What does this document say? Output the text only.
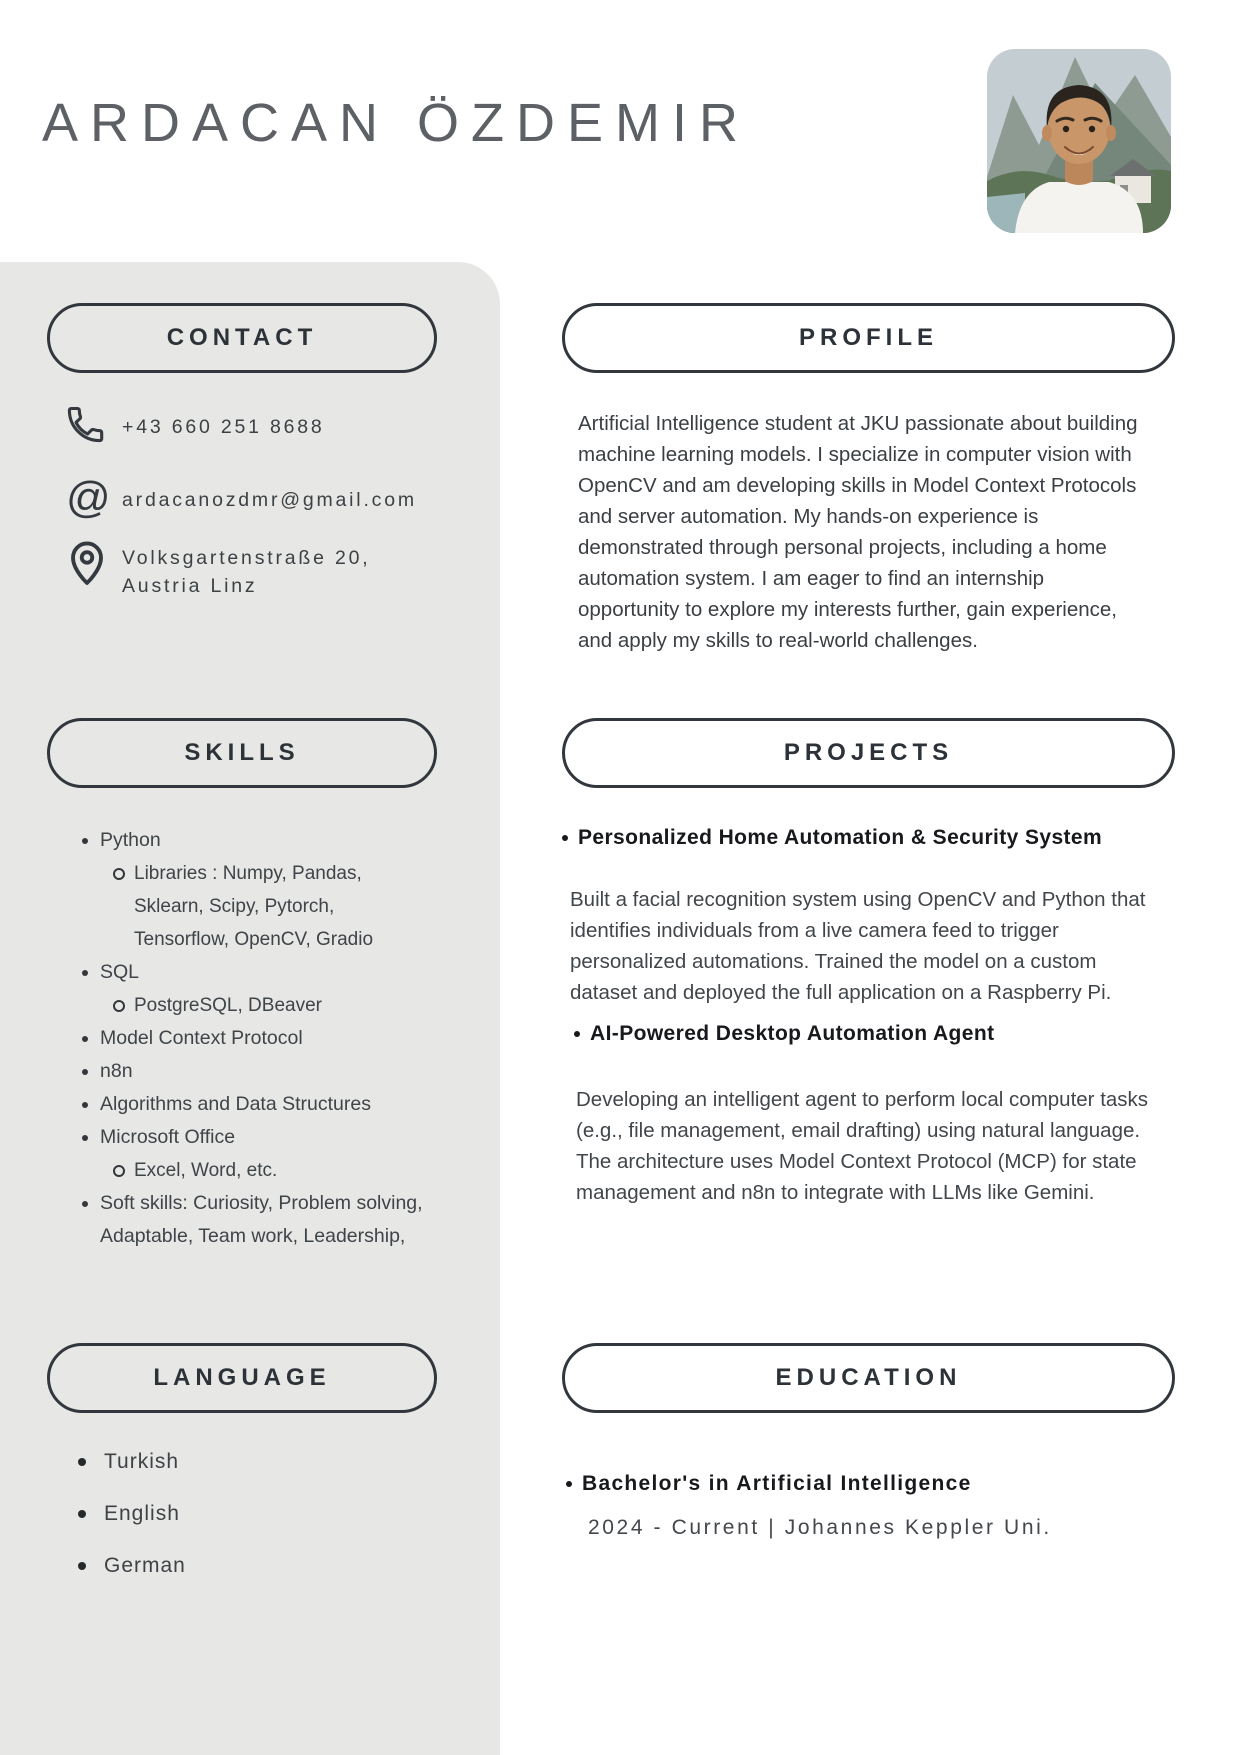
ARDACAN ÖZDEMIR
CONTACT
@
+43 660 251 8688
ardacanozdmr@gmail.com
Volksgartenstraße 20,
Austria Linz
SKILLS
Python
Libraries : Numpy, Pandas, Sklearn, Scipy, Pytorch, Tensorflow, OpenCV, Gradio
SQL
PostgreSQL, DBeaver
Model Context Protocol
n8n
Algorithms and Data Structures
Microsoft Office
Excel, Word, etc.
Soft skills: Curiosity, Problem solving, Adaptable, Team work, Leadership,
LANGUAGE
Turkish
English
German
PROFILE
Artificial Intelligence student at JKU passionate about building machine learning models. I specialize in computer vision with OpenCV and am developing skills in Model Context Protocols and server automation. My hands-on experience is demonstrated through personal projects, including a home automation system. I am eager to find an internship opportunity to explore my interests further, gain experience, and apply my skills to real-world challenges.
PROJECTS
Personalized Home Automation & Security System
Built a facial recognition system using OpenCV and Python that identifies individuals from a live camera feed to trigger personalized automations. Trained the model on a custom dataset and deployed the full application on a Raspberry Pi.
AI-Powered Desktop Automation Agent
Developing an intelligent agent to perform local computer tasks (e.g., file management, email drafting) using natural language. The architecture uses Model Context Protocol (MCP) for state management and n8n to integrate with LLMs like Gemini.
EDUCATION
Bachelor's in Artificial Intelligence
2024 - Current | Johannes Keppler Uni.
